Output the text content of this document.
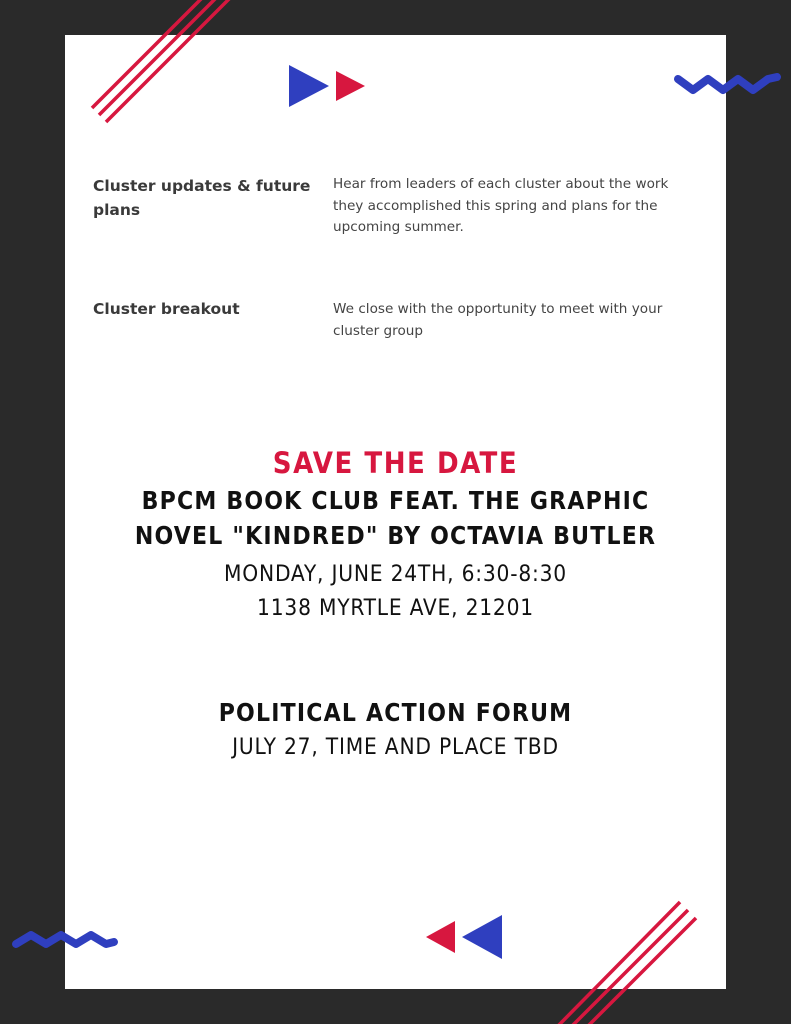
Cluster updates & future plans
Hear from leaders of each cluster about the work they accomplished this spring and plans for the upcoming summer.
Cluster breakout	We close with the opportunity to meet with your cluster group
SAVE THE DATE
BPCM BOOK CLUB FEAT. THE GRAPHIC
NOVEL "KINDRED" BY OCTAVIA BUTLER
MONDAY, JUNE 24TH, 6:30-8:30
1138 MYRTLE AVE, 21201
POLITICAL ACTION FORUM
JULY 27, TIME AND PLACE TBD
